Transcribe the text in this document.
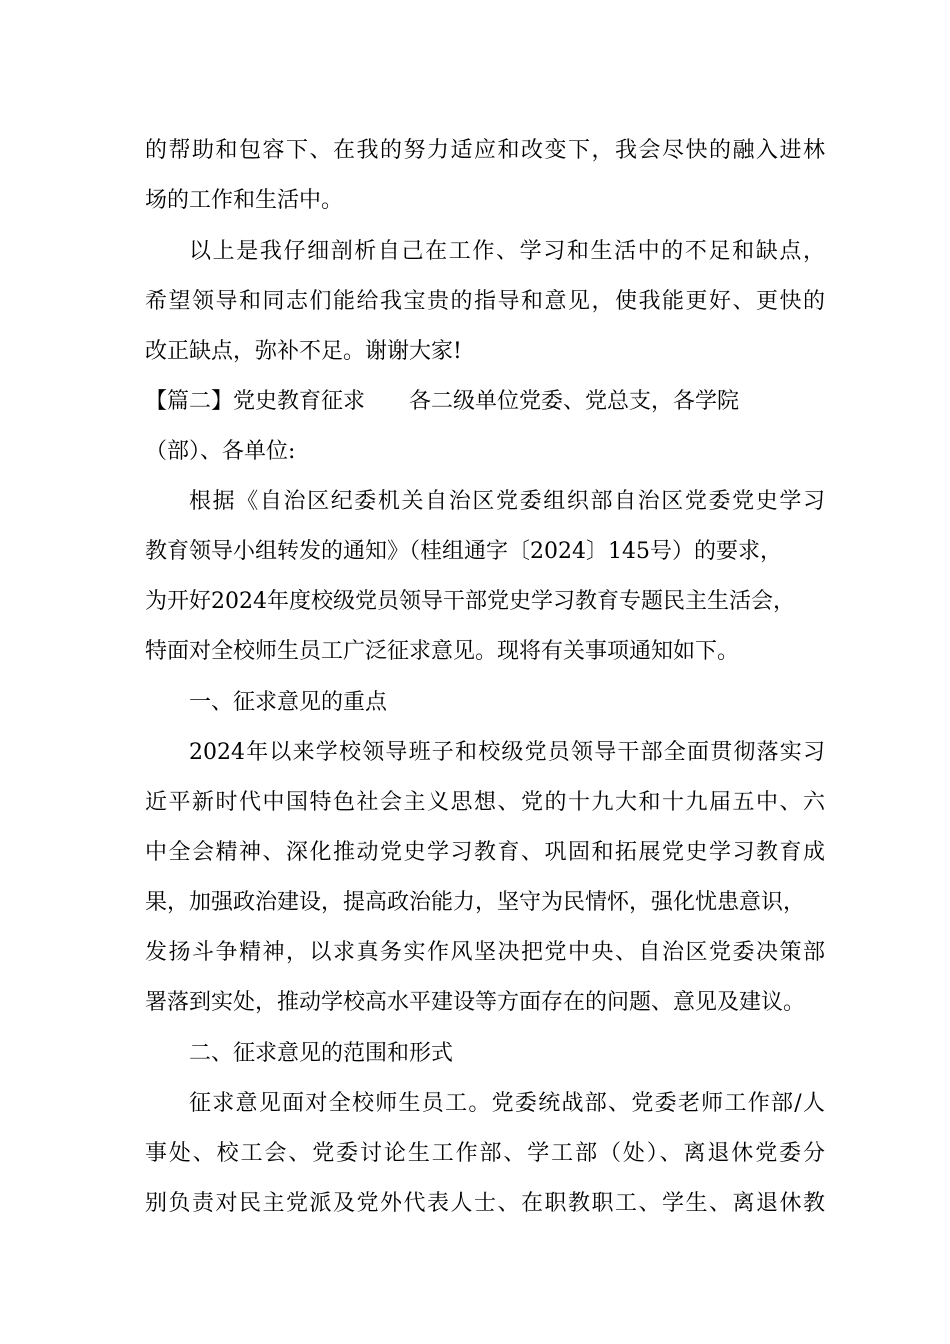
的帮助和包容下、在我的努力适应和改变下，我会尽快的融入进林
场的工作和生活中。
以上是我仔细剖析自己在工作、学习和生活中的不足和缺点，
希望领导和同志们能给我宝贵的指导和意见，使我能更好、更快的
改正缺点，弥补不足。谢谢大家!
【篇二】党史教育征求　　各二级单位党委、党总支，各学院
（部）、各单位:
根据《自治区纪委机关自治区党委组织部自治区党委党史学习
教育领导小组转发的通知》（桂组通字〔2024〕145号）的要求，
为开好2024年度校级党员领导干部党史学习教育专题民主生活会，
特面对全校师生员工广泛征求意见。现将有关事项通知如下。
一、征求意见的重点
2024年以来学校领导班子和校级党员领导干部全面贯彻落实习
近平新时代中国特色社会主义思想、党的十九大和十九届五中、六
中全会精神、深化推动党史学习教育、巩固和拓展党史学习教育成
果，加强政治建设，提高政治能力，坚守为民情怀，强化忧患意识，
发扬斗争精神，以求真务实作风坚决把党中央、自治区党委决策部
署落到实处，推动学校高水平建设等方面存在的问题、意见及建议。
二、征求意见的范围和形式
征求意见面对全校师生员工。党委统战部、党委老师工作部/人
事处、校工会、党委讨论生工作部、学工部（处）、离退休党委分
别负责对民主党派及党外代表人士、在职教职工、学生、离退休教
